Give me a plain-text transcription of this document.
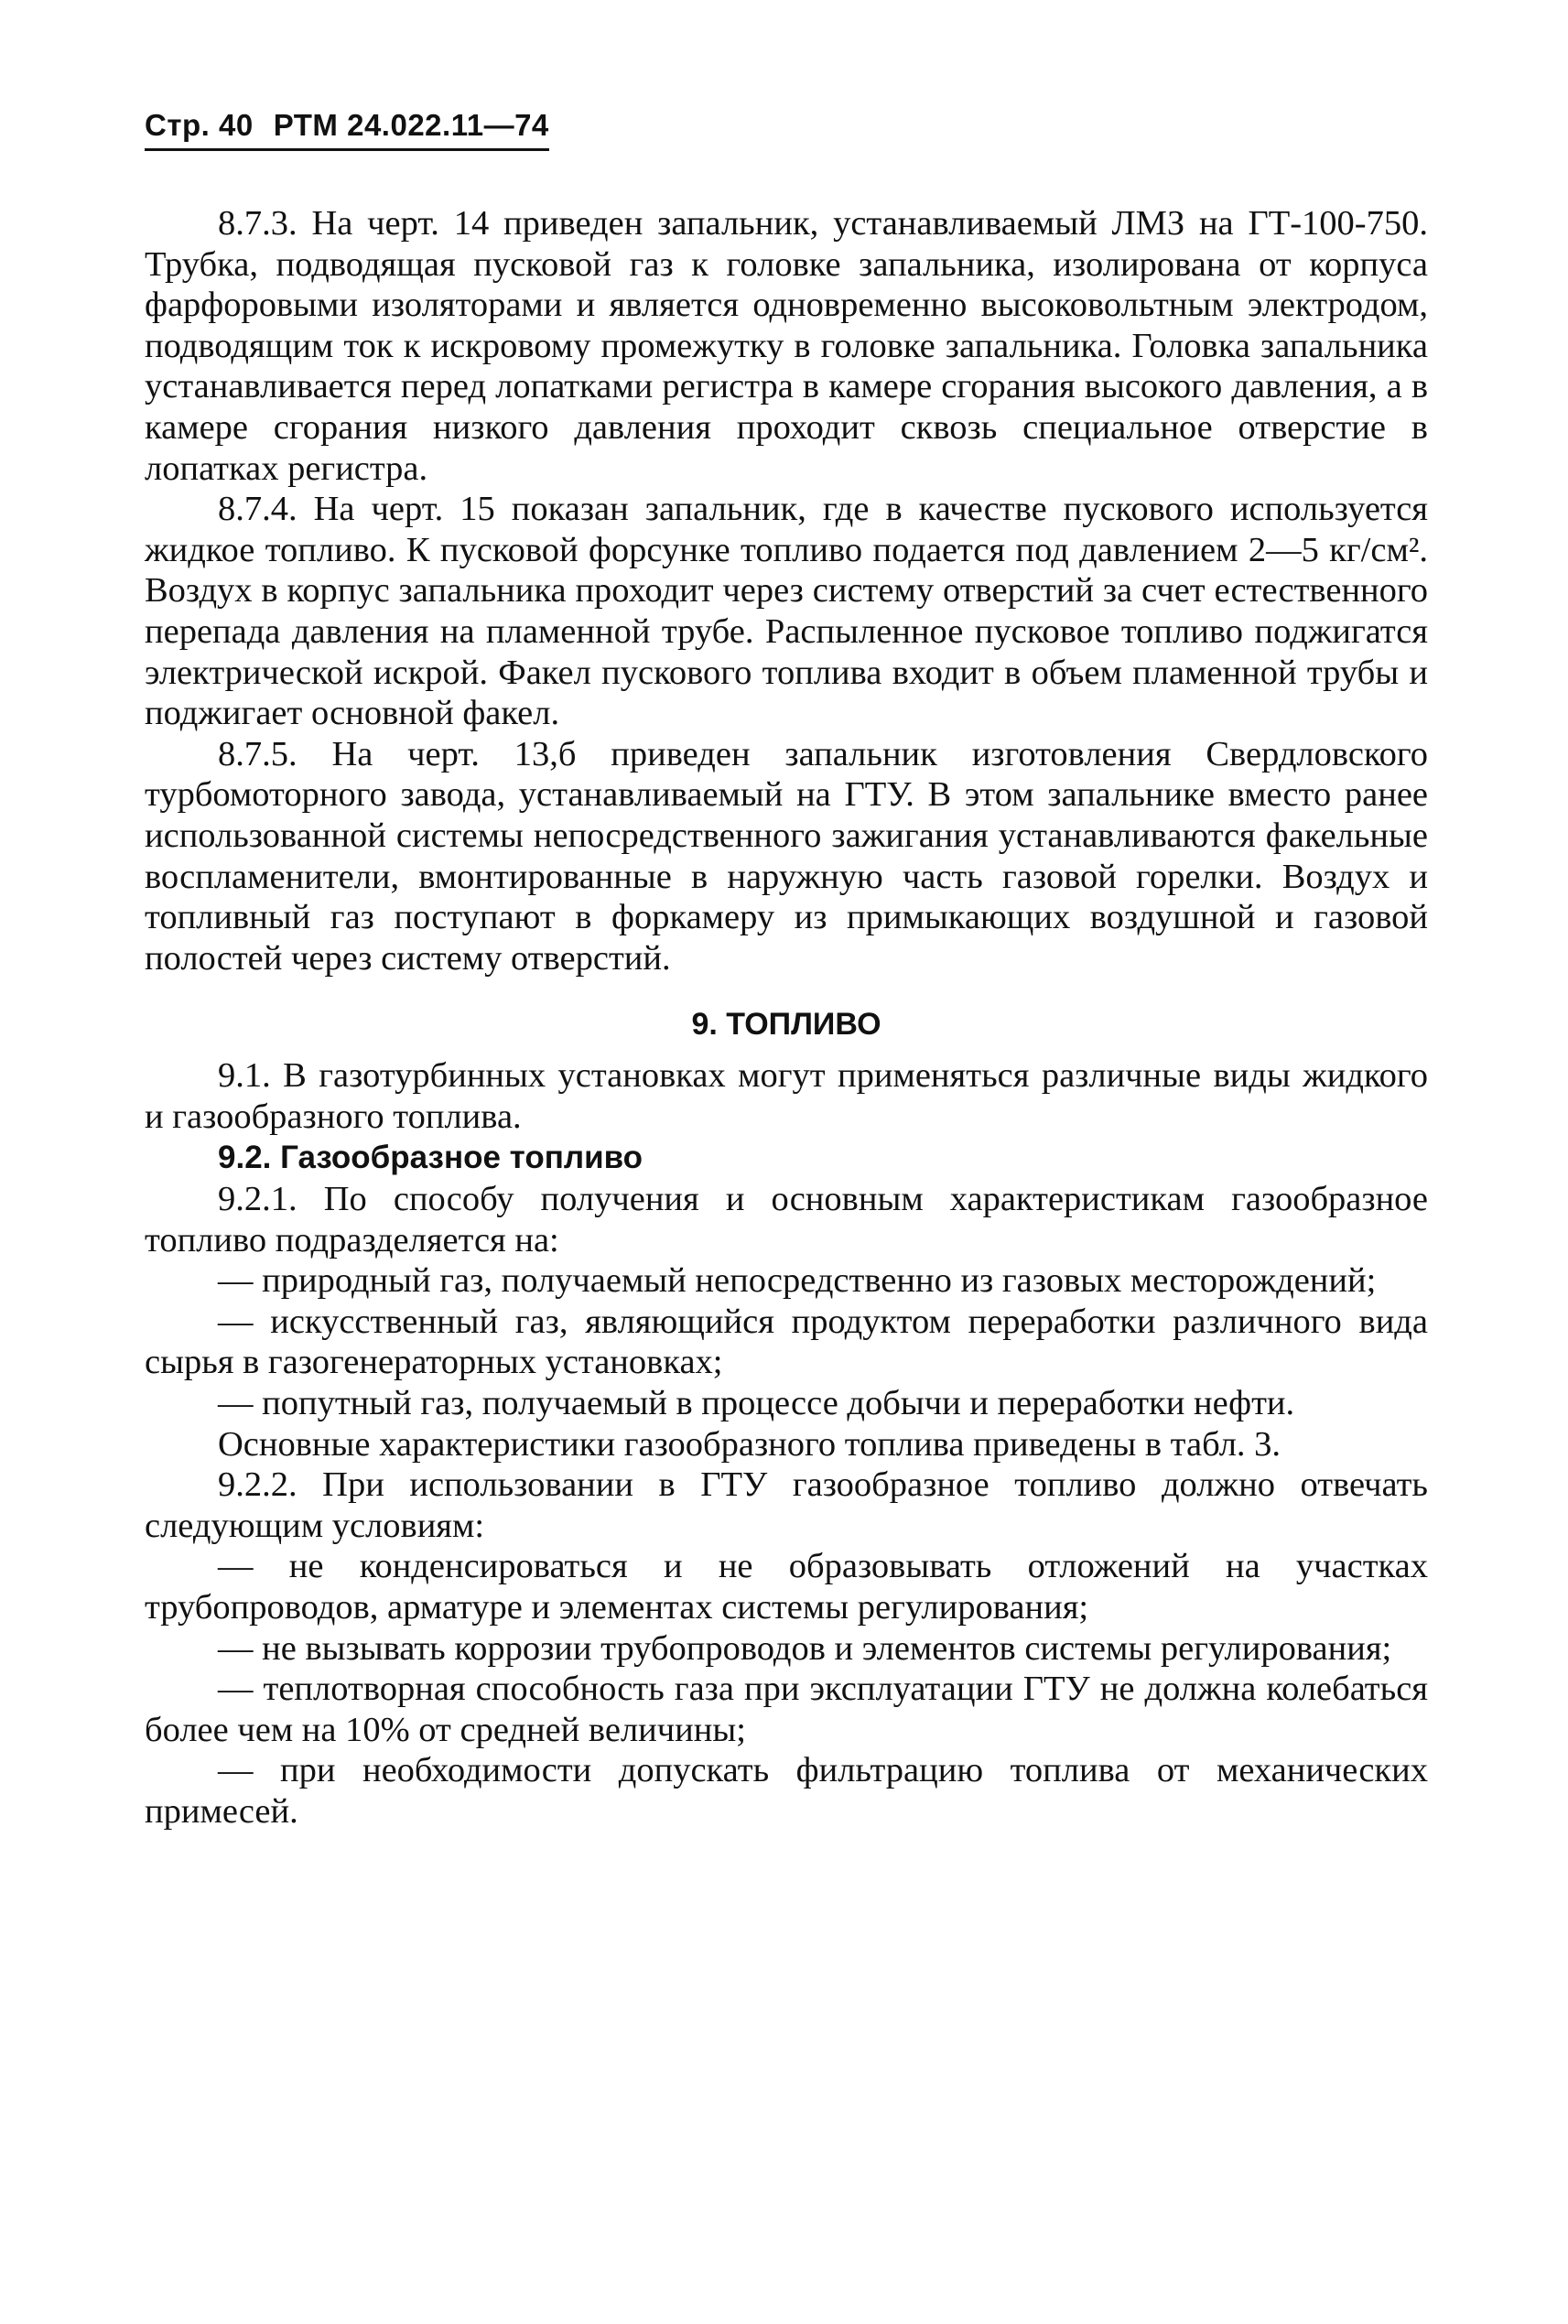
Стр. 40 РТМ 24.022.11—74

8.7.3. На черт. 14 приведен запальник, устанавливаемый ЛМЗ на ГТ-100-750. Трубка, подводящая пусковой газ к головке запальника, изолирована от корпуса фарфоровыми изоляторами и является одновременно высоковольтным электродом, подводящим ток к искровому промежутку в головке запальника. Головка запальника устанавливается перед лопатками регистра в камере сгорания высокого давления, а в камере сгорания низкого давления проходит сквозь специальное отверстие в лопатках регистра.

8.7.4. На черт. 15 показан запальник, где в качестве пускового используется жидкое топливо. К пусковой форсунке топливо подается под давлением 2—5 кг/см². Воздух в корпус запальника проходит через систему отверстий за счет естественного перепада давления на пламенной трубе. Распыленное пусковое топливо поджигатся электрической искрой. Факел пускового топлива входит в объем пламенной трубы и поджигает основной факел.

8.7.5. На черт. 13,б приведен запальник изготовления Свердловского турбомоторного завода, устанавливаемый на ГТУ. В этом запальнике вместо ранее использованной системы непосредственного зажигания устанавливаются факельные воспламенители, вмонтированные в наружную часть газовой горелки. Воздух и топливный газ поступают в форкамеру из примыкающих воздушной и газовой полостей через систему отверстий.

9. ТОПЛИВО

9.1. В газотурбинных установках могут применяться различные виды жидкого и газообразного топлива.

9.2. Газообразное топливо

9.2.1. По способу получения и основным характеристикам газообразное топливо подразделяется на:

— природный газ, получаемый непосредственно из газовых месторождений;

— искусственный газ, являющийся продуктом переработки различного вида сырья в газогенераторных установках;

— попутный газ, получаемый в процессе добычи и переработки нефти.

Основные характеристики газообразного топлива приведены в табл. 3.

9.2.2. При использовании в ГТУ газообразное топливо должно отвечать следующим условиям:

— не конденсироваться и не образовывать отложений на участках трубопроводов, арматуре и элементах системы регулирования;

— не вызывать коррозии трубопроводов и элементов системы регулирования;

— теплотворная способность газа при эксплуатации ГТУ не должна колебаться более чем на 10% от средней величины;

— при необходимости допускать фильтрацию топлива от механических примесей.
